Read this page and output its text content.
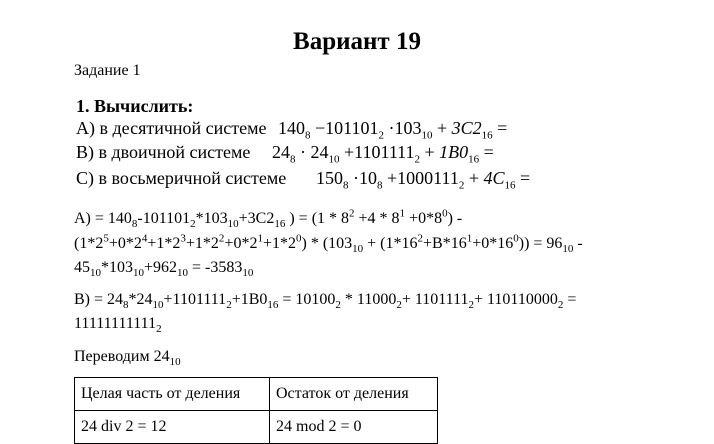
Вариант 19
Задание 1
1. Вычислить:
А) в десятичной системе $140_8 -101101_2 \cdot 103_{10} + 3C2_{16}$ =
В) в двоичной системе $24_8 \cdot 24_{10} +1101111_2 + 1B0_{16}$ =
С) в восьмеричной системе $150_8 \cdot 10_8 +1000111_2 + 4C_{16}$ =
$A) = 140_8-101101_2*103_{10}+3C2_{16}$ ) = $(1 * 8^2 +4 * 8^1 +0*8^0)$ -
$(1*2^5+0*2^4+1*2^3+1*2^2+0*2^1+1*2^0) * (103_{10} + (1*16^2+B*16^1+0*16^0)) = 96_{10}$ -
$45_{10}*103_{10}+962_{10} = -3583_{10}$
$B) = 24_8*24_{10}+1101111_2+1B0_{16} = 10100_2 * 11000_2+ 1101111_2+ 110110000_2$ =
$11111111111_2$
Переводим $24_{10}$
Целая часть от деления	Остаток от деления
24 div 2 = 12	24 mod 2 = 0
